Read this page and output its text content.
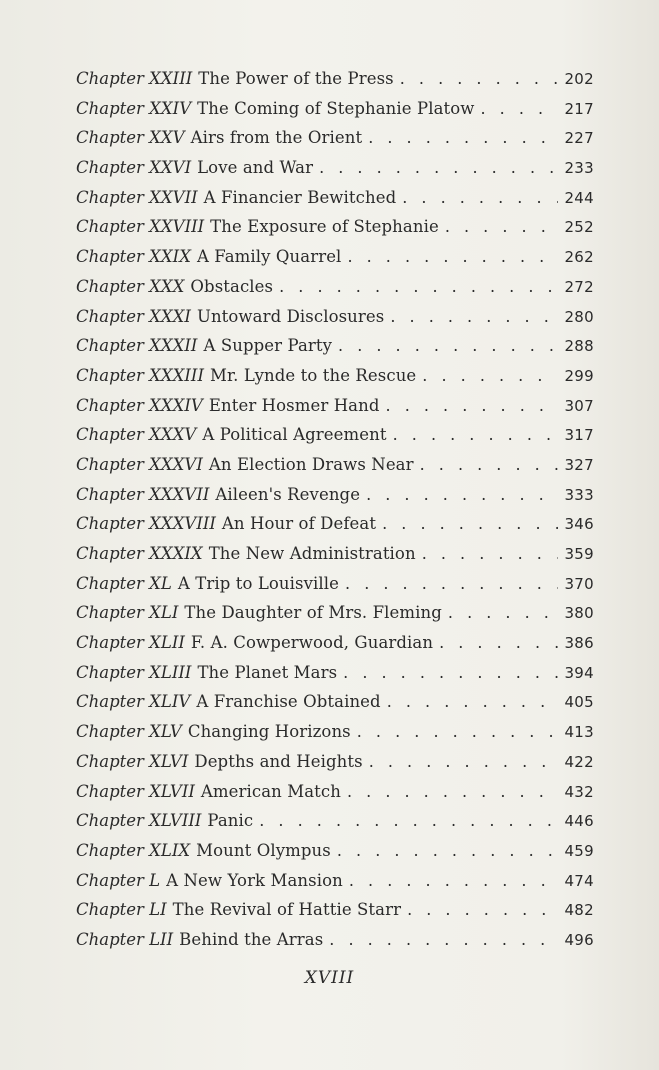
Chapter XXIII The Power of the Press . . .	202
Chapter XXIV The Coming of Stephanie Platow . . .	217
Chapter XXV Airs from the Orient . . .	227
Chapter XXVI Love and War . . .	233
Chapter XXVII A Financier Bewitched . . .	244
Chapter XXVIII The Exposure of Stephanie . . .	252
Chapter XXIX A Family Quarrel . . .	262
Chapter XXX Obstacles . . .	272
Chapter XXXI Untoward Disclosures . . .	280
Chapter XXXII A Supper Party . . .	288
Chapter XXXIII Mr. Lynde to the Rescue . . .	299
Chapter XXXIV Enter Hosmer Hand . . .	307
Chapter XXXV A Political Agreement . . .	317
Chapter XXXVI An Election Draws Near . . .	327
Chapter XXXVII Aileen's Revenge . . .	333
Chapter XXXVIII An Hour of Defeat . . .	346
Chapter XXXIX The New Administration . . .	359
Chapter XL A Trip to Louisville . . .	370
Chapter XLI The Daughter of Mrs. Fleming . . .	380
Chapter XLII F. A. Cowperwood, Guardian . . .	386
Chapter XLIII The Planet Mars . . .	394
Chapter XLIV A Franchise Obtained . . .	405
Chapter XLV Changing Horizons . . .	413
Chapter XLVI Depths and Heights . . .	422
Chapter XLVII American Match . . .	432
Chapter XLVIII Panic . . .	446
Chapter XLIX Mount Olympus . . .	459
Chapter L A New York Mansion . . .	474
Chapter LI The Revival of Hattie Starr . . .	482
Chapter LII Behind the Arras . . .	496
XVIII
